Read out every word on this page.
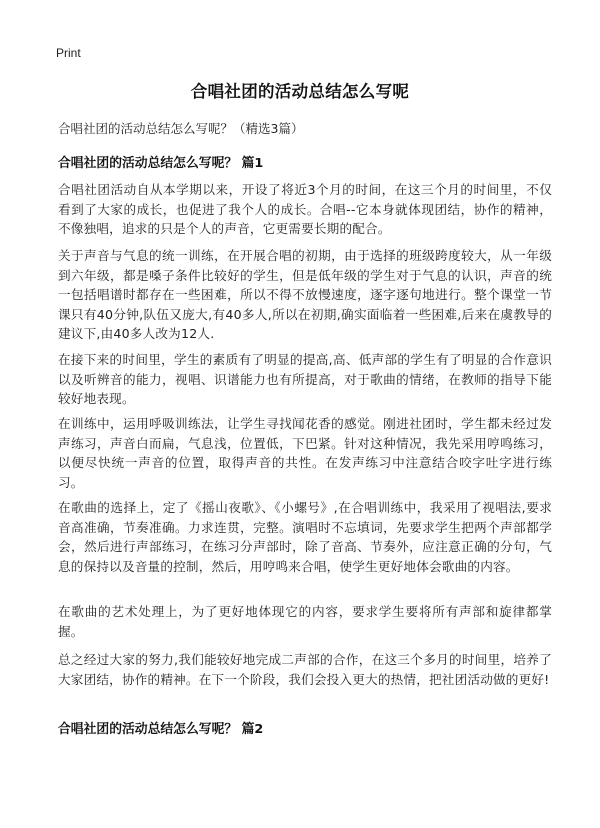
Print
合唱社团的活动总结怎么写呢
合唱社团的活动总结怎么写呢？（精选3篇）
合唱社团的活动总结怎么写呢？ 篇1
合唱社团活动自从本学期以来，开设了将近3个月的时间，在这三个月的时间里，不仅看到了大家的成长，也促进了我个人的成长。合唱--它本身就体现团结，协作的精神，不像独唱，追求的只是个人的声音，它更需要长期的配合。
关于声音与气息的统一训练，在开展合唱的初期，由于选择的班级跨度较大，从一年级到六年级，都是嗓子条件比较好的学生，但是低年级的学生对于气息的认识，声音的统一包括唱谱时都存在一些困难，所以不得不放慢速度，逐字逐句地进行。整个课堂一节课只有40分钟,队伍又庞大,有40多人,所以在初期,确实面临着一些困难,后来在虞教导的建议下,由40多人改为12人.
在接下来的时间里，学生的素质有了明显的提高,高、低声部的学生有了明显的合作意识以及听辨音的能力，视唱、识谱能力也有所提高，对于歌曲的情绪，在教师的指导下能较好地表现。
在训练中，运用呼吸训练法，让学生寻找闻花香的感觉。刚进社团时，学生都未经过发声练习，声音白而扁，气息浅，位置低，下巴紧。针对这种情况，我先采用哼鸣练习，以便尽快统一声音的位置，取得声音的共性。在发声练习中注意结合咬字吐字进行练习。
在歌曲的选择上，定了《摇山夜歌》、《小螺号》,在合唱训练中，我采用了视唱法,要求音高准确，节奏准确。力求连贯，完整。演唱时不忘填词，先要求学生把两个声部都学会，然后进行声部练习，在练习分声部时，除了音高、节奏外，应注意正确的分句，气息的保持以及音量的控制，然后，用哼鸣来合唱，使学生更好地体会歌曲的内容。
在歌曲的艺术处理上，为了更好地体现它的内容，要求学生要将所有声部和旋律都掌握。
总之经过大家的努力,我们能较好地完成二声部的合作，在这三个多月的时间里，培养了大家团结，协作的精神。在下一个阶段，我们会投入更大的热情，把社团活动做的更好!
合唱社团的活动总结怎么写呢？ 篇2
